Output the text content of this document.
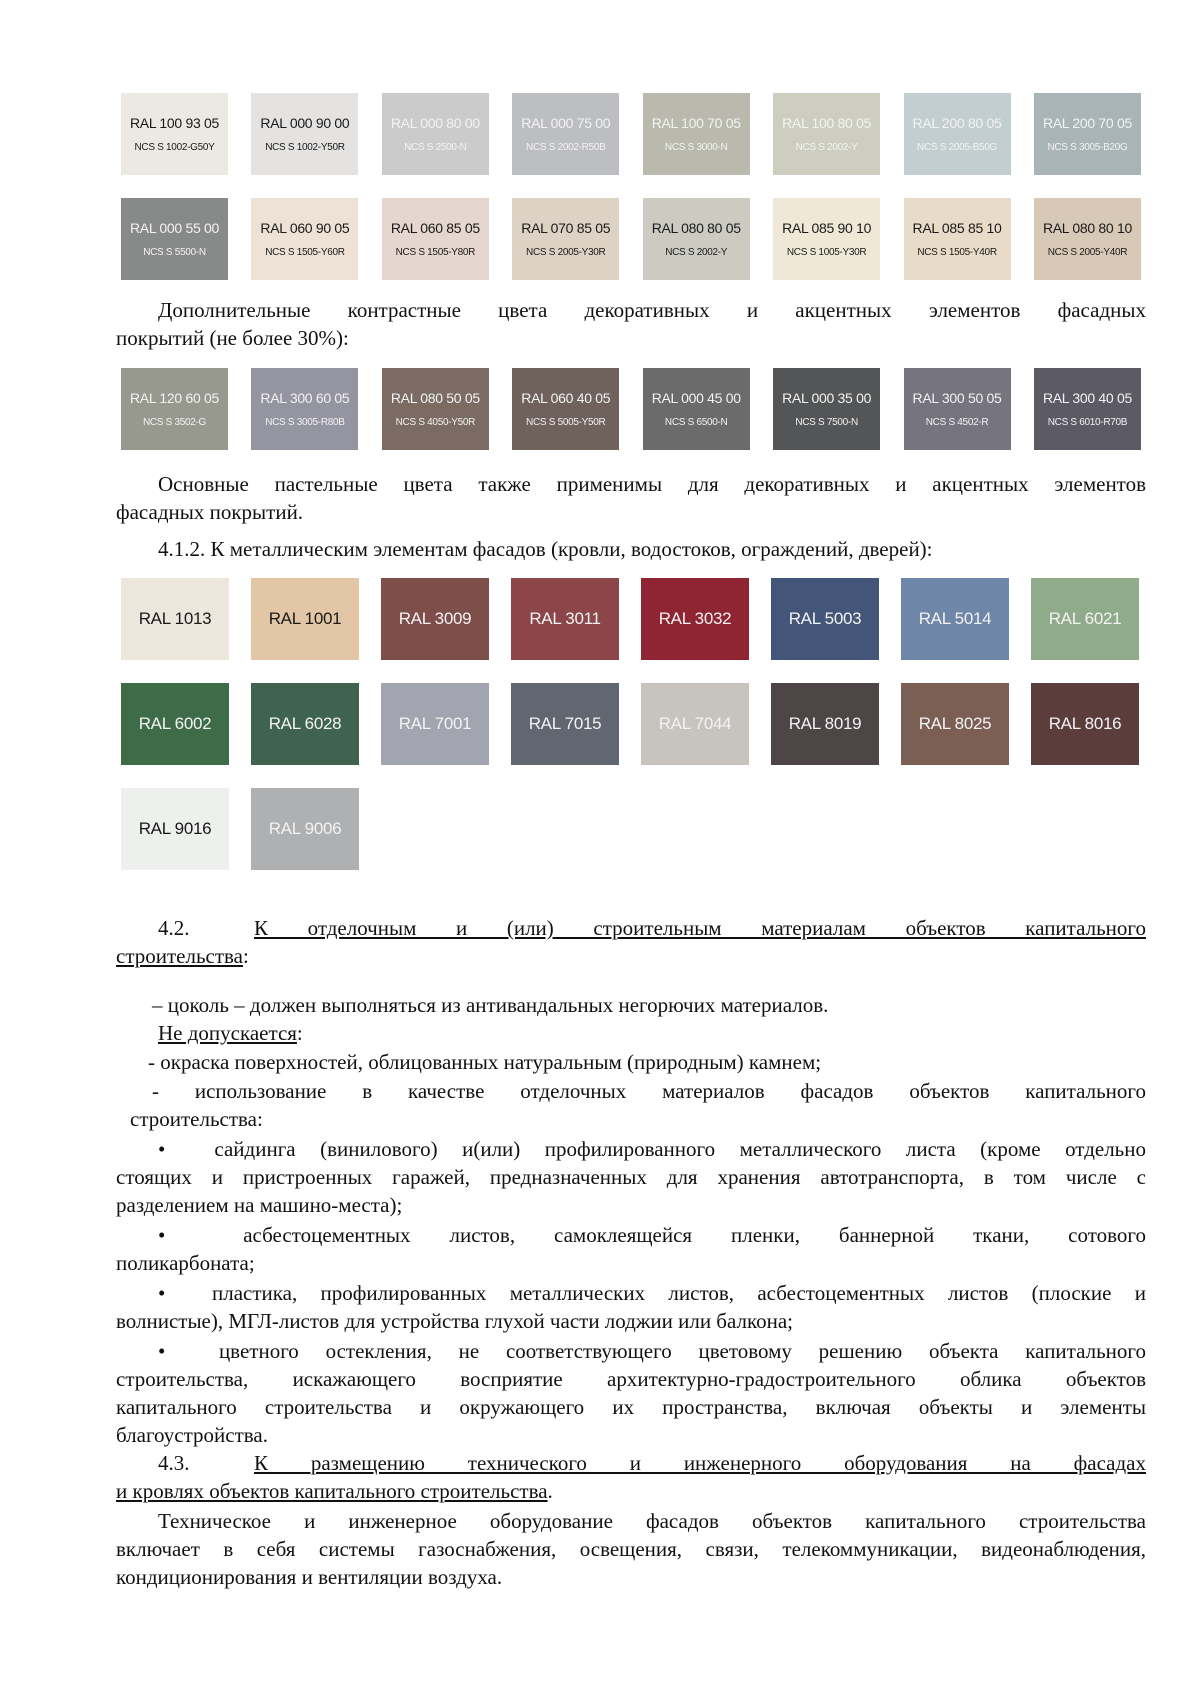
RAL 100 93 05
NCS S 1002-G50Y
RAL 000 90 00
NCS S 1002-Y50R
RAL 000 80 00
NCS S 2500-N
RAL 000 75 00
NCS S 2002-R50B
RAL 100 70 05
NCS S 3000-N
RAL 100 80 05
NCS S 2002-Y
RAL 200 80 05
NCS S 2005-B50G
RAL 200 70 05
NCS S 3005-B20G
RAL 000 55 00
NCS S 5500-N
RAL 060 90 05
NCS S 1505-Y60R
RAL 060 85 05
NCS S 1505-Y80R
RAL 070 85 05
NCS S 2005-Y30R
RAL 080 80 05
NCS S 2002-Y
RAL 085 90 10
NCS S 1005-Y30R
RAL 085 85 10
NCS S 1505-Y40R
RAL 080 80 10
NCS S 2005-Y40R

Дополнительные контрастные цвета декоративных и акцентных элементов фасадных

покрытий (не более 30%):

RAL 120 60 05
NCS S 3502-G
RAL 300 60 05
NCS S 3005-R80B
RAL 080 50 05
NCS S 4050-Y50R
RAL 060 40 05
NCS S 5005-Y50R
RAL 000 45 00
NCS S 6500-N
RAL 000 35 00
NCS S 7500-N
RAL 300 50 05
NCS S 4502-R
RAL 300 40 05
NCS S 6010-R70B

Основные пастельные цвета также применимы для декоративных и акцентных элементов

фасадных покрытий.

4.1.2. К металлическим элементам фасадов (кровли, водостоков, ограждений, дверей):

RAL 1013	RAL 1001	RAL 3009	RAL 3011	RAL 3032	RAL 5003	RAL 5014	RAL 6021
RAL 6002	RAL 6028	RAL 7001	RAL 7015	RAL 7044	RAL 8019	RAL 8025	RAL 8016
RAL 9016	RAL 9006

4.2.	К отделочным и (или) строительным материалам объектов капитального

строительства:

– цоколь – должен выполняться из антивандальных негорючих материалов.

Не допускается:

- окраска поверхностей, облицованных натуральным (природным) камнем;

- использование в качестве отделочных материалов фасадов объектов капитального

строительства:

•  сайдинга (винилового) и(или) профилированного металлического листа (кроме отдельно

стоящих и пристроенных гаражей, предназначенных для хранения автотранспорта, в том числе с

разделением на машино-места);

•  асбестоцементных листов, самоклеящейся пленки, баннерной ткани, сотового

поликарбоната;

•  пластика, профилированных металлических листов, асбестоцементных листов (плоские и

волнистые), МГЛ-листов для устройства глухой части лоджии или балкона;

•  цветного остекления, не соответствующего цветовому решению объекта капитального

строительства, искажающего восприятие архитектурно-градостроительного облика объектов

капитального строительства и окружающего их пространства, включая объекты и элементы

благоустройства.

4.3.	К размещению технического и инженерного оборудования на фасадах

и кровлях объектов капитального строительства.

Техническое и инженерное оборудование фасадов объектов капитального строительства

включает в себя системы газоснабжения, освещения, связи, телекоммуникации, видеонаблюдения,

кондиционирования и вентиляции воздуха.
